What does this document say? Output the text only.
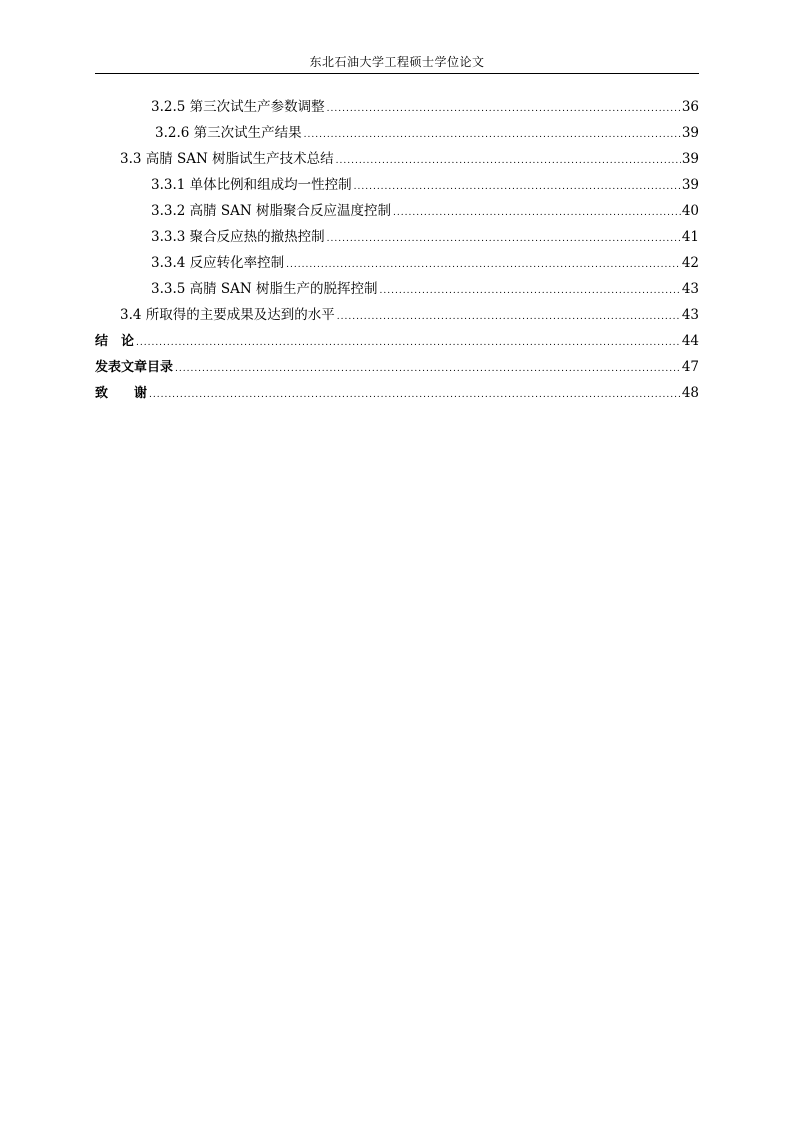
东北石油大学工程硕士学位论文
3.2.5 第三次试生产参数调整 .....	36
3.2.6 第三次试生产结果 .....	39
3.3 高腈 SAN 树脂试生产技术总结 .....	39
3.3.1 单体比例和组成均一性控制 .....	39
3.3.2 高腈 SAN 树脂聚合反应温度控制 .....	40
3.3.3 聚合反应热的撤热控制 .....	41
3.3.4 反应转化率控制 .....	42
3.3.5 高腈 SAN 树脂生产的脱挥控制 .....	43
3.4 所取得的主要成果及达到的水平 .....	43
结　论 .....	44
发表文章目录 .....	47
致　　谢 .....	48
